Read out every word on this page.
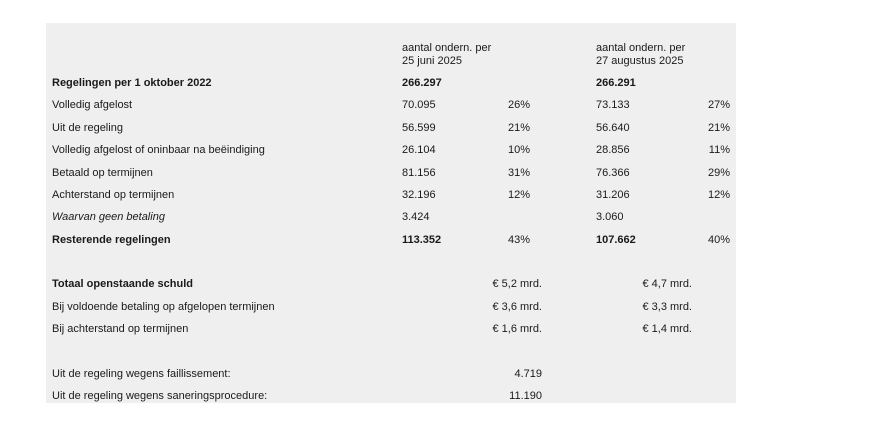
aantal ondern. per
25 juni 2025
aantal ondern. per
27 augustus 2025
Regelingen per 1 oktober 2022	266.297	266.291
Volledig afgelost	70.095	26%	73.133	27%
Uit de regeling	56.599	21%	56.640	21%
Volledig afgelost of oninbaar na beëindiging	26.104	10%	28.856	11%
Betaald op termijnen	81.156	31%	76.366	29%
Achterstand op termijnen	32.196	12%	31.206	12%
Waarvan geen betaling	3.424	3.060
Resterende regelingen	113.352	43%	107.662	40%
Totaal openstaande schuld	€ 5,2 mrd.	€ 4,7 mrd.
Bij voldoende betaling op afgelopen termijnen	€ 3,6 mrd.	€ 3,3 mrd.
Bij achterstand op termijnen	€ 1,6 mrd.	€ 1,4 mrd.
Uit de regeling wegens faillissement:	4.719
Uit de regeling wegens saneringsprocedure:	11.190
